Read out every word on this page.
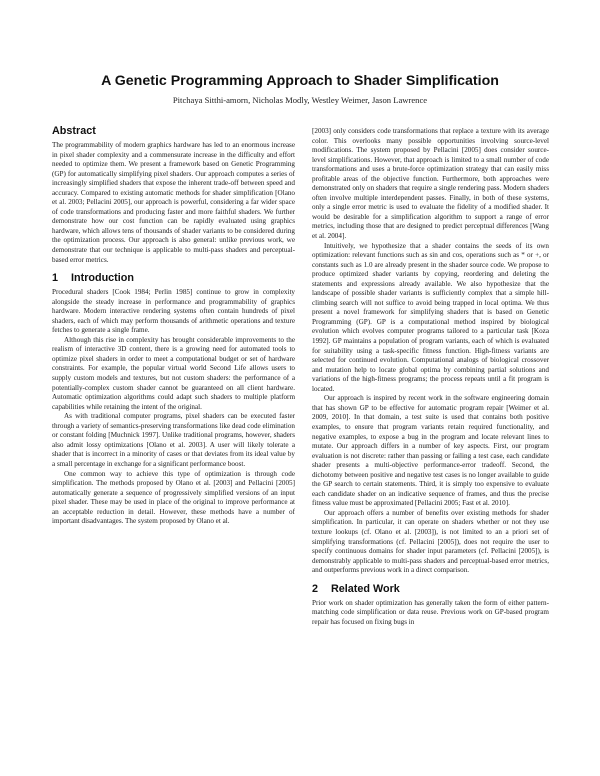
A Genetic Programming Approach to Shader Simplification

Pitchaya Sitthi-amorn, Nicholas Modly, Westley Weimer, Jason Lawrence

Abstract

The programmability of modern graphics hardware has led to an enormous increase in pixel shader complexity and a commensurate increase in the difficulty and effort needed to optimize them. We present a framework based on Genetic Programming (GP) for automatically simplifying pixel shaders. Our approach computes a series of increasingly simplified shaders that expose the inherent trade-off between speed and accuracy. Compared to existing automatic methods for shader simplification [Olano et al. 2003; Pellacini 2005], our approach is powerful, considering a far wider space of code transformations and producing faster and more faithful shaders. We further demonstrate how our cost function can be rapidly evaluated using graphics hardware, which allows tens of thousands of shader variants to be considered during the optimization process. Our approach is also general: unlike previous work, we demonstrate that our technique is applicable to multi-pass shaders and perceptual-based error metrics.

1 Introduction

Procedural shaders [Cook 1984; Perlin 1985] continue to grow in complexity alongside the steady increase in performance and programmability of graphics hardware. Modern interactive rendering systems often contain hundreds of pixel shaders, each of which may perform thousands of arithmetic operations and texture fetches to generate a single frame.

Although this rise in complexity has brought considerable improvements to the realism of interactive 3D content, there is a growing need for automated tools to optimize pixel shaders in order to meet a computational budget or set of hardware constraints. For example, the popular virtual world Second Life allows users to supply custom models and textures, but not custom shaders: the performance of a potentially-complex custom shader cannot be guaranteed on all client hardware. Automatic optimization algorithms could adapt such shaders to multiple platform capabilities while retaining the intent of the original.

As with traditional computer programs, pixel shaders can be executed faster through a variety of semantics-preserving transformations like dead code elimination or constant folding [Muchnick 1997]. Unlike traditional programs, however, shaders also admit lossy optimizations [Olano et al. 2003]. A user will likely tolerate a shader that is incorrect in a minority of cases or that deviates from its ideal value by a small percentage in exchange for a significant performance boost.

One common way to achieve this type of optimization is through code simplification. The methods proposed by Olano et al. [2003] and Pellacini [2005] automatically generate a sequence of progressively simplified versions of an input pixel shader. These may be used in place of the original to improve performance at an acceptable reduction in detail. However, these methods have a number of important disadvantages. The system proposed by Olano et al.

[2003] only considers code transformations that replace a texture with its average color. This overlooks many possible opportunities involving source-level modifications. The system proposed by Pellacini [2005] does consider source-level simplifications. However, that approach is limited to a small number of code transformations and uses a brute-force optimization strategy that can easily miss profitable areas of the objective function. Furthermore, both approaches were demonstrated only on shaders that require a single rendering pass. Modern shaders often involve multiple interdependent passes. Finally, in both of these systems, only a single error metric is used to evaluate the fidelity of a modified shader. It would be desirable for a simplification algorithm to support a range of error metrics, including those that are designed to predict perceptual differences [Wang et al. 2004].

Intuitively, we hypothesize that a shader contains the seeds of its own optimization: relevant functions such as sin and cos, operations such as * or +, or constants such as 1.0 are already present in the shader source code. We propose to produce optimized shader variants by copying, reordering and deleting the statements and expressions already available. We also hypothesize that the landscape of possible shader variants is sufficiently complex that a simple hill-climbing search will not suffice to avoid being trapped in local optima. We thus present a novel framework for simplifying shaders that is based on Genetic Programming (GP). GP is a computational method inspired by biological evolution which evolves computer programs tailored to a particular task [Koza 1992]. GP maintains a population of program variants, each of which is evaluated for suitability using a task-specific fitness function. High-fitness variants are selected for continued evolution. Computational analogs of biological crossover and mutation help to locate global optima by combining partial solutions and variations of the high-fitness programs; the process repeats until a fit program is located.

Our approach is inspired by recent work in the software engineering domain that has shown GP to be effective for automatic program repair [Weimer et al. 2009, 2010]. In that domain, a test suite is used that contains both positive examples, to ensure that program variants retain required functionality, and negative examples, to expose a bug in the program and locate relevant lines to mutate. Our approach differs in a number of key aspects. First, our program evaluation is not discrete: rather than passing or failing a test case, each candidate shader presents a multi-objective performance-error tradeoff. Second, the dichotomy between positive and negative test cases is no longer available to guide the GP search to certain statements. Third, it is simply too expensive to evaluate each candidate shader on an indicative sequence of frames, and thus the precise fitness value must be approximated [Pellacini 2005; Fast et al. 2010].

Our approach offers a number of benefits over existing methods for shader simplification. In particular, it can operate on shaders whether or not they use texture lookups (cf. Olano et al. [2003]), is not limited to an a priori set of simplifying transformations (cf. Pellacini [2005]), does not require the user to specify continuous domains for shader input parameters (cf. Pellacini [2005]), is demonstrably applicable to multi-pass shaders and perceptual-based error metrics, and outperforms previous work in a direct comparison.

2 Related Work

Prior work on shader optimization has generally taken the form of either pattern-matching code simplification or data reuse. Previous work on GP-based program repair has focused on fixing bugs in
